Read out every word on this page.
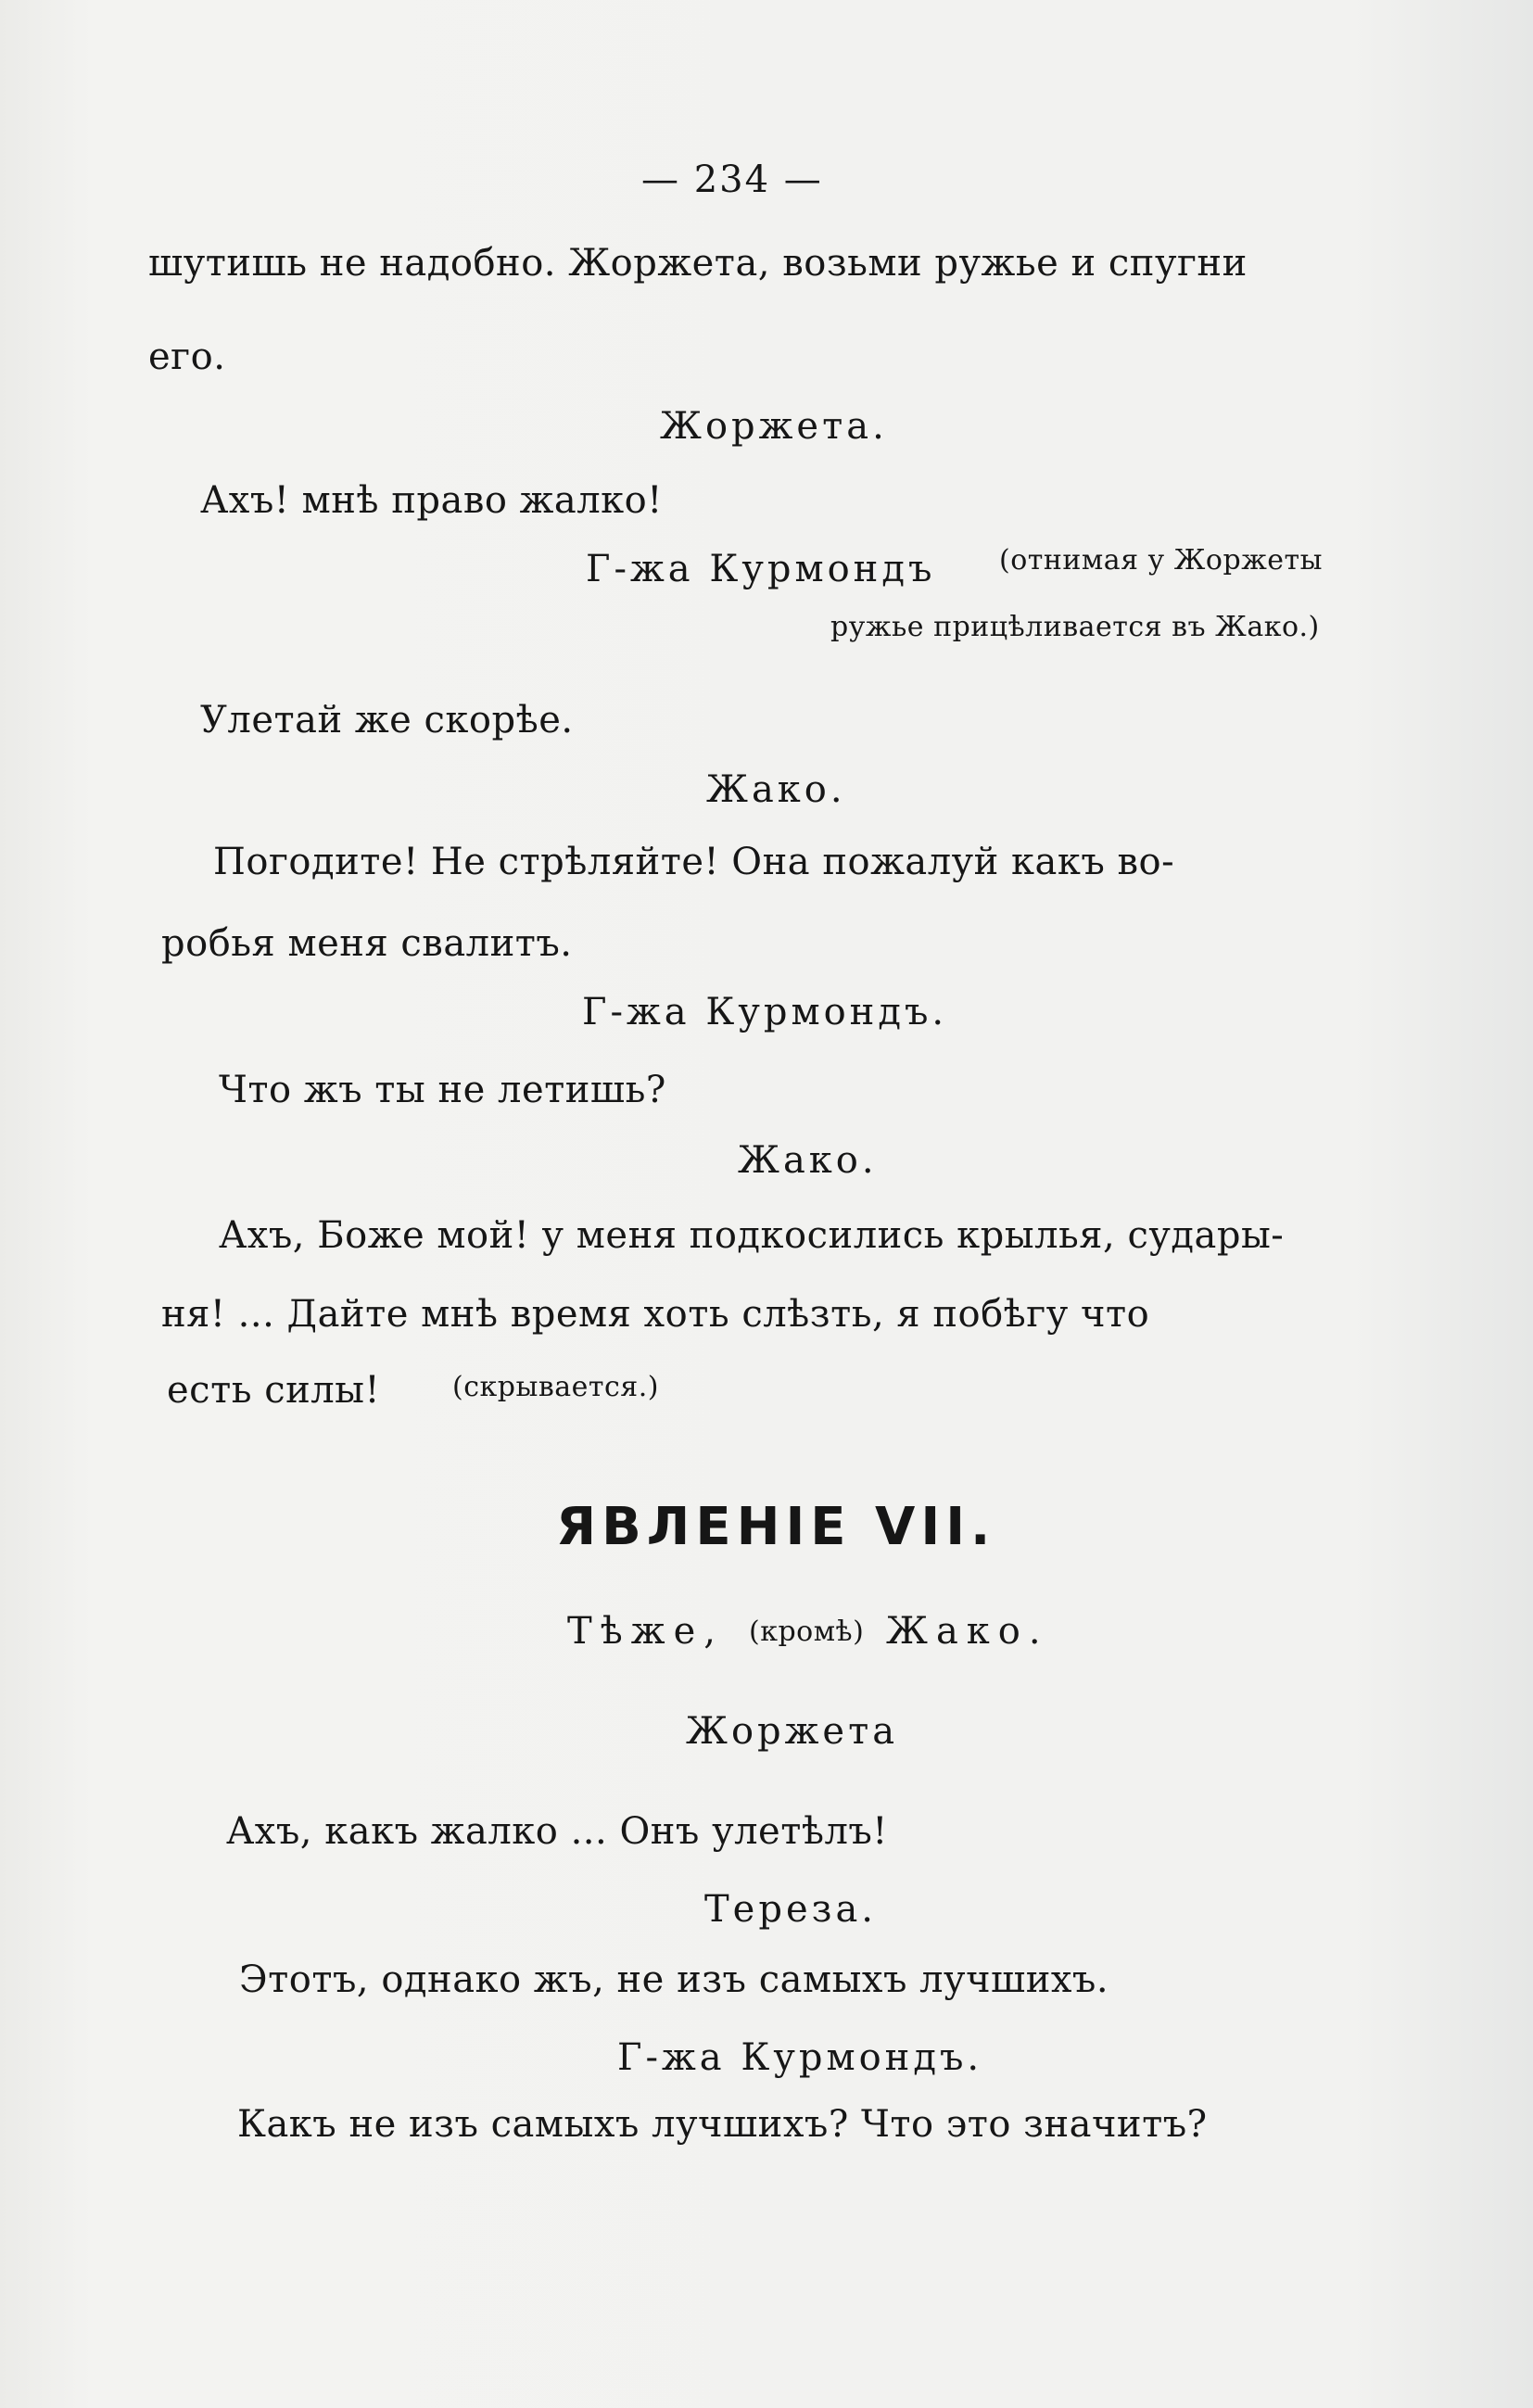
— 234 —
шутишь не надобно. Жоржета, возьми ружье и спугни
его.
Жоржета.
Ахъ! мнѣ право жалко!
Г-жа Курмондъ (отнимая у Жоржеты
ружье прицѣливается въ Жако.)
Улетай же скорѣе.
Жако.
Погодите! Не стрѣляйте! Она пожалуй какъ во-
робья меня свалитъ.
Г-жа Курмондъ.
Что жъ ты не летишь?
Жако.
Ахъ, Боже мой! у меня подкосились крылья, судары-
ня! ... Дайте мнѣ время хоть слѣзть, я побѣгу что
есть силы!	(скрывается.)
ЯВЛЕНІЕ VII.
Тѣже, (кромѣ) Жако.
Жоржета
Ахъ, какъ жалко ... Онъ улетѣлъ!
Тереза.
Этотъ, однако жъ, не изъ самыхъ лучшихъ.
Г-жа Курмондъ.
Какъ не изъ самыхъ лучшихъ? Что это значитъ?
